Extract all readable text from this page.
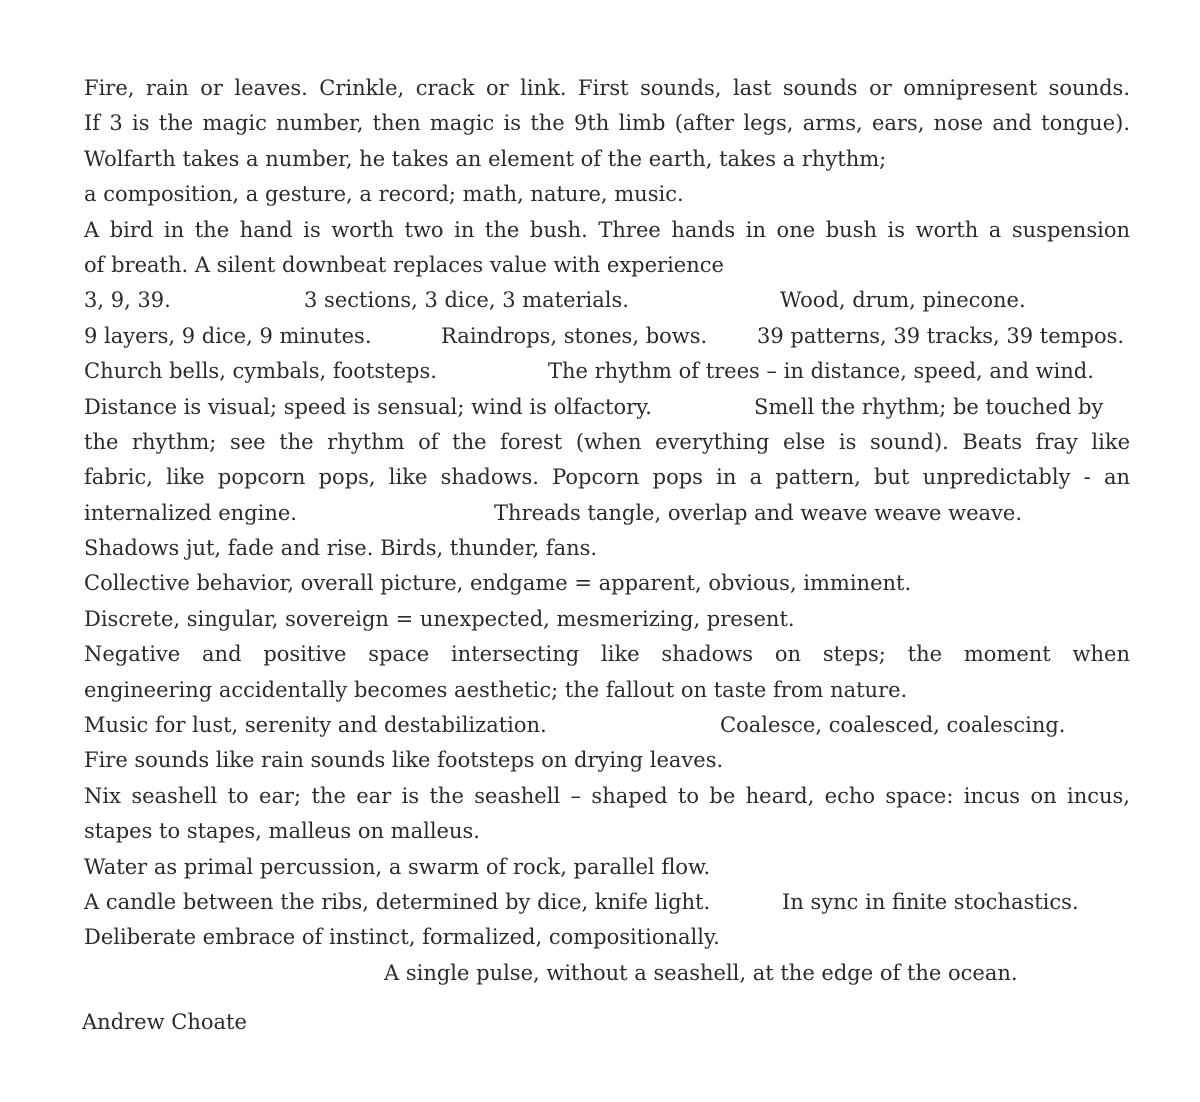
Fire, rain or leaves. Crinkle, crack or link. First sounds, last sounds or omnipresent sounds.
If 3 is the magic number, then magic is the 9th limb (after legs, arms, ears, nose and tongue).
Wolfarth takes a number, he takes an element of the earth, takes a rhythm;
a composition, a gesture, a record; math, nature, music.
A bird in the hand is worth two in the bush. Three hands in one bush is worth a suspension
of breath. A silent downbeat replaces value with experience

3, 9, 39.

	3 sections, 3 dice, 3 materials.

	Wood, drum, pinecone.

9 layers, 9 dice, 9 minutes.

	Raindrops, stones, bows.

39 patterns, 39 tracks, 39 tempos.

Church bells, cymbals, footsteps.

	The rhythm of trees – in distance, speed, and wind.

Distance is visual; speed is sensual; wind is olfactory.

	Smell the rhythm; be touched by

the rhythm; see the rhythm of the forest (when everything else is sound). Beats fray like
fabric, like popcorn pops, like shadows. Popcorn pops in a pattern, but unpredictably - an

internalized engine.

	Threads tangle, overlap and weave weave weave.

Shadows jut, fade and rise. Birds, thunder, fans.
Collective behavior, overall picture, endgame = apparent, obvious, imminent.
Discrete, singular, sovereign = unexpected, mesmerizing, present.
Negative and positive space intersecting like shadows on steps; the moment when
engineering accidentally becomes aesthetic; the fallout on taste from nature.

Music for lust, serenity and destabilization.

	Coalesce, coalesced, coalescing.

Fire sounds like rain sounds like footsteps on drying leaves.
Nix seashell to ear; the ear is the seashell – shaped to be heard, echo space: incus on incus,
stapes to stapes, malleus on malleus.
Water as primal percussion, a swarm of rock, parallel flow.

A candle between the ribs, determined by dice, knife light.

	In sync in finite stochastics.

Deliberate embrace of instinct, formalized, compositionally.

A single pulse, without a seashell, at the edge of the ocean.

Andrew Choate
